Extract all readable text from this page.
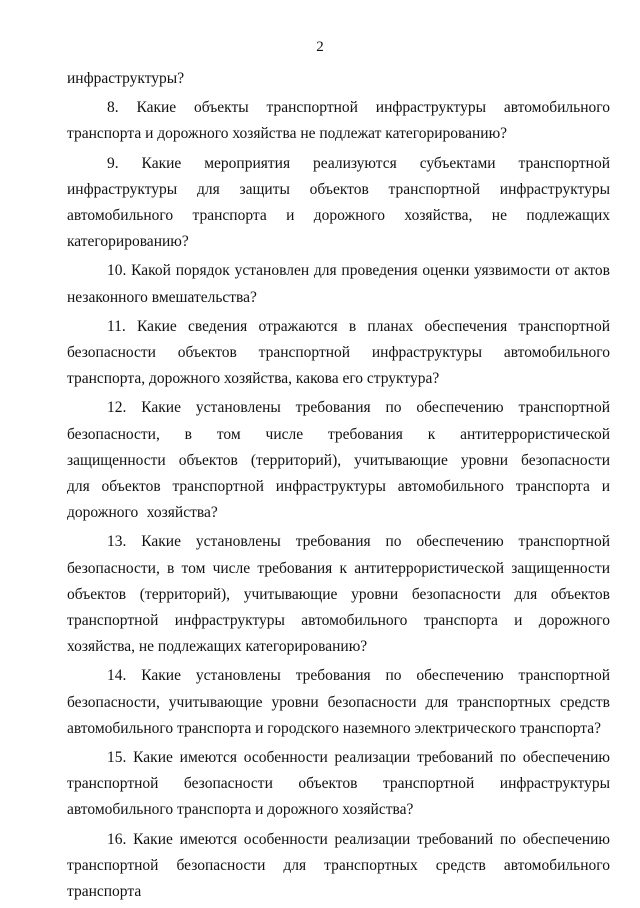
2

инфраструктуры?

8. Какие объекты транспортной инфраструктуры автомобильного транспорта и дорожного хозяйства не подлежат категорированию?

9. Какие мероприятия реализуются субъектами транспортной инфраструктуры для защиты объектов транспортной инфраструктуры автомобильного транспорта и дорожного хозяйства, не подлежащих категорированию?

10. Какой порядок установлен для проведения оценки уязвимости от актов незаконного вмешательства?

11. Какие сведения отражаются в планах обеспечения транспортной безопасности объектов транспортной инфраструктуры автомобильного транспорта, дорожного хозяйства, какова его структура?

12. Какие установлены требования по обеспечению транспортной безопасности, в том числе требования к антитеррористической защищенности объектов (территорий), учитывающие уровни безопасности для объектов транспортной инфраструктуры автомобильного транспорта и дорожного хозяйства?

13. Какие установлены требования по обеспечению транспортной безопасности, в том числе требования к антитеррористической защищенности объектов (территорий), учитывающие уровни безопасности для объектов транспортной инфраструктуры автомобильного транспорта и дорожного хозяйства, не подлежащих категорированию?

14. Какие установлены требования по обеспечению транспортной безопасности, учитывающие уровни безопасности для транспортных средств автомобильного транспорта и городского наземного электрического транспорта?

15. Какие имеются особенности реализации требований по обеспечению транспортной безопасности объектов транспортной инфраструктуры автомобильного транспорта и дорожного хозяйства?

16. Какие имеются особенности реализации требований по обеспечению транспортной безопасности для транспортных средств автомобильного транспорта
